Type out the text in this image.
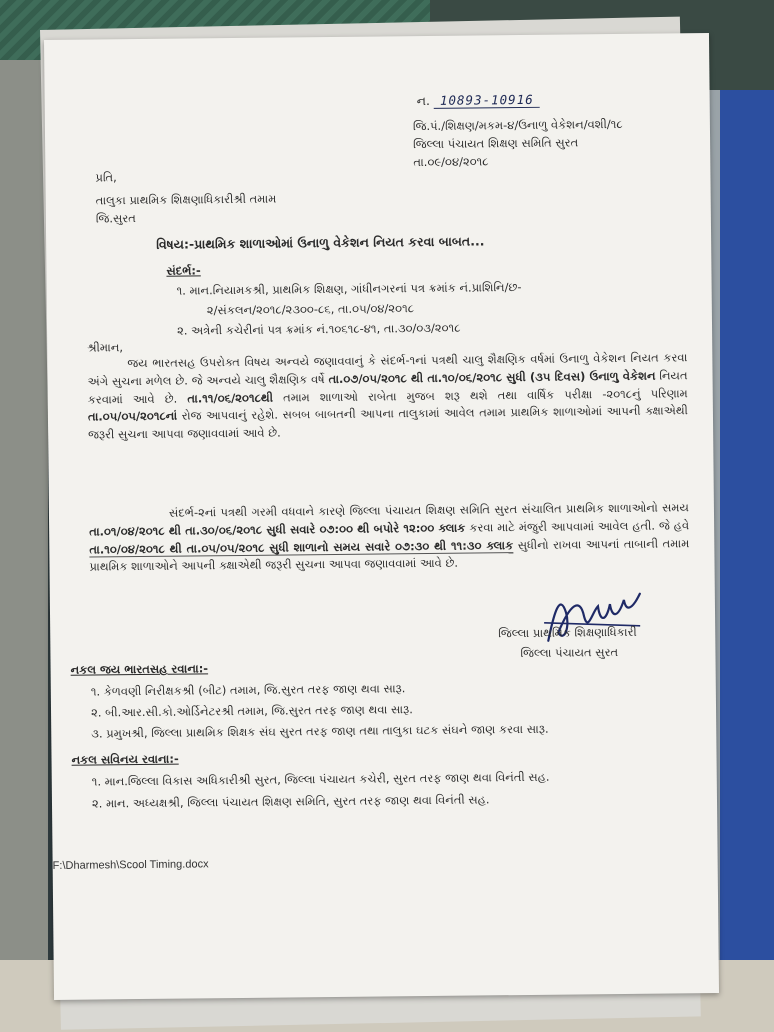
ન. 10893-10916
જિ.પં./શિક્ષણ/મકમ-૪/ઉનાળુ વેકેશન/વશી/૧૮
જિલ્લા પંચાયત શિક્ષણ સમિતિ સુરત
તા.૦૯/૦૪/૨૦૧૮
પ્રતિ,
તાલુકા પ્રાથમિક શિક્ષણાધિકારીશ્રી તમામ
જિ.સુરત
વિષય:-પ્રાથમિક શાળાઓમાં ઉનાળુ વેકેશન નિયત કરવા બાબત...
સંદર્ભ:-
૧. માન.નિયામકશ્રી, પ્રાથમિક શિક્ષણ, ગાંધીનગરનાં પત્ર ક્રમાંક નં.પ્રાશિનિ/છ-
૨/સંકલન/૨૦૧૮/૨૩૦૦-૮૬, તા.૦૫/૦૪/૨૦૧૮
૨. અત્રેની કચેરીનાં પત્ર ક્રમાંક નં.૧૦૬૧૮-૪૧, તા.૩૦/૦૩/૨૦૧૮
શ્રીમાન,
જય ભારતસહ ઉપરોક્ત વિષય અન્વયે જણાવવાનું કે સંદર્ભ-૧નાં પત્રથી ચાલુ શૈક્ષણિક વર્ષમાં ઉનાળુ વેકેશન નિયત કરવા અંગે સુચના મળેલ છે. જે અન્વયે ચાલુ શૈક્ષણિક વર્ષે તા.૦૭/૦૫/૨૦૧૮ થી તા.૧૦/૦૬/૨૦૧૮ સુધી (૩૫ દિવસ) ઉનાળુ વેકેશન નિયત કરવામાં આવે છે. તા.૧૧/૦૬/૨૦૧૮થી તમામ શાળાઓ રાબેતા મુજબ શરૂ થશે તથા વાર્ષિક પરીક્ષા -૨૦૧૮નું પરિણામ તા.૦૫/૦૫/૨૦૧૮નાં રોજ આપવાનું રહેશે. સબબ બાબતની આપના તાલુકામાં આવેલ તમામ પ્રાથમિક શાળાઓમાં આપની ક્ક્ષાએથી જરૂરી સુચના આપવા જણાવવામાં આવે છે.
સંદર્ભ-૨નાં પત્રથી ગરમી વધવાને કારણે જિલ્લા પંચાયત શિક્ષણ સમિતિ સુરત સંચાલિત પ્રાથમિક શાળાઓનો સમય તા.૦૧/૦૪/૨૦૧૮ થી તા.૩૦/૦૬/૨૦૧૮ સુધી સવારે ૦૭:૦૦ થી બપોરે ૧૨:૦૦ ક્લાક કરવા માટે મંજુરી આપવામાં આવેલ હતી. જે હવે તા.૧૦/૦૪/૨૦૧૮ થી તા.૦૫/૦૫/૨૦૧૮ સુધી શાળાનો સમય સવારે ૦૭:૩૦ થી ૧૧:૩૦ ક્લાક સુધીનો રાખવા આપનાં તાબાની તમામ પ્રાથમિક શાળાઓને આપની ક્ક્ષાએથી જરૂરી સુચના આપવા જણાવવામાં આવે છે.
જિલ્લા પ્રાથમિક શિક્ષણાધિકારી
જિલ્લા પંચાયત સુરત
નકલ જય ભારતસહ રવાના:-
૧. કેળવણી નિરીક્ષકશ્રી (બીટ) તમામ, જિ.સુરત તરફ જાણ થવા સારૂ.
૨. બી.આર.સી.કો.ઓર્ડિનેટરશ્રી તમામ, જિ.સુરત તરફ જાણ થવા સારૂ.
૩. પ્રમુખશ્રી, જિલ્લા પ્રાથમિક શિક્ષક સંઘ સુરત તરફ જાણ તથા તાલુકા ઘટક સંઘને જાણ કરવા સારૂ.
નકલ સવિનય રવાના:-
૧. માન.જિલ્લા વિકાસ અધિકારીશ્રી સુરત, જિલ્લા પંચાયત કચેરી, સુરત તરફ જાણ થવા વિનંતી સહ.
૨. માન. અધ્યક્ષશ્રી, જિલ્લા પંચાયત શિક્ષણ સમિતિ, સુરત તરફ જાણ થવા વિનંતી સહ.
F:\Dharmesh\Scool Timing.docx
